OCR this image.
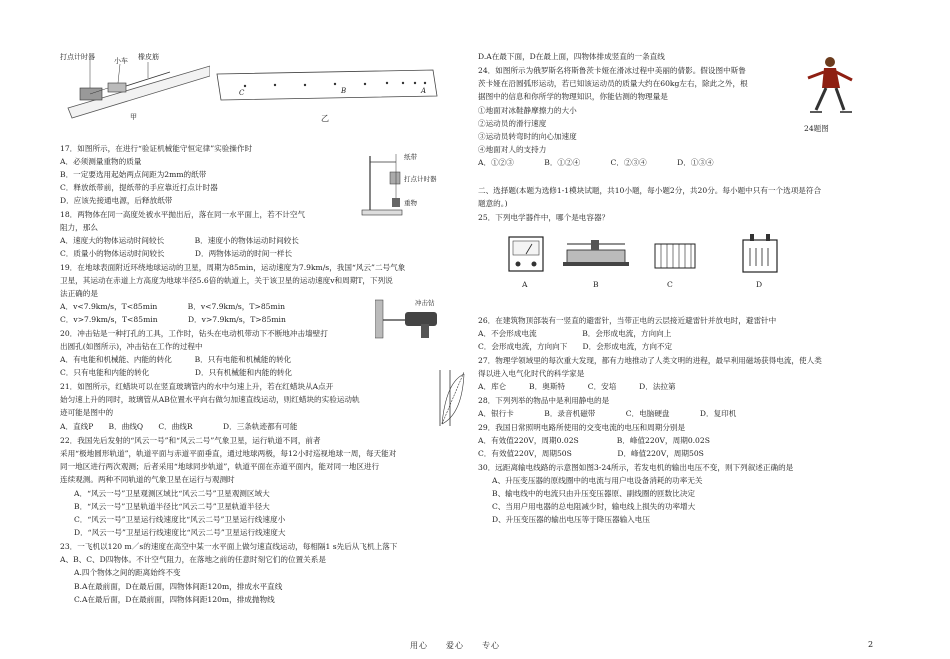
打点计时器	小车 橡皮筋
甲
C	B	A
乙
纸带
打点计时器
重物
冲击钻
17．如图所示，在进行“验证机械能守恒定律”实验操作时
A．必须测量重物的质量
B．一定要选用起始两点间距为2mm的纸带
C．释放纸带前，提纸带的手应靠近打点计时器
D．应该先接通电源，后释放纸带
18．两物体在同一高度处被水平抛出后，落在同一水平面上，若不计空气
阻力，那么
A．速度大的物体运动时间较长　　　　B．速度小的物体运动时间较长
C．质量小的物体运动时间较长　　　　D．两物体运动的时间一样长
19．在地球表面附近环绕地球运动的卫星，周期为85min，运动速度为7.9km/s，我国“风云”二号气象
卫星，其运动在赤道上方高度为地球半径5.6倍的轨道上，关于该卫星的运动速度v和周期T，下列说
法正确的是
A．v<7.9km/s，T<85min　　　　B．v<7.9km/s，T>85min
C．v>7.9km/s，T<85min　　　　D．v>7.9km/s，T>85min
20．冲击钻是一种打孔的工具，工作时，钻头在电动机带动下不断地冲击墙壁打
出圆孔(如图所示)，冲击钻在工作的过程中
A．有电能和机械能、内能的转化　　　B．只有电能和机械能的转化
C．只有电能和内能的转化　　　　　　D．只有机械能和内能的转化
21．如图所示，红蜡块可以在竖直玻璃管内的水中匀速上升，若在红蜡块从A点开
始匀速上升的同时，玻璃管从AB位置水平向右做匀加速直线运动，则红蜡块的实验运动轨
迹可能是图中的
A．直线P　　B．曲线Q　　C．曲线R　　　　D．三条轨迹都有可能
22．我国先后发射的“风云一号”和“风云二号”气象卫星，运行轨道不同，前者
采用“极地圆形轨道”，轨道平面与赤道平面垂直，通过地球两极，每12小时巡视地球一周，每天能对
同一地区进行两次观测；后者采用“地球同步轨道”，轨道平面在赤道平面内，能对同一地区进行
连续观测。两种不同轨道的气象卫星在运行与观测时
A．“风云一号”卫星观测区域比“风云二号”卫星观测区域大
B．“风云一号”卫星轨道半径比“风云二号”卫星轨道半径大
C．“风云一号”卫星运行线速度比“风云二号”卫星运行线速度小
D．“风云一号”卫星运行线速度比“风云二号”卫星运行线速度大
23．一飞机以120 m／s的速度在高空中某一水平面上做匀速直线运动，每相隔1 s先后从飞机上落下
A、B、C、D四物体。不计空气阻力，在落地之前的任意时刻它们的位置关系是
A.四个物体之间的距离始终不变
B.A在最前面，D在最后面，四物体间距120m，排成水平直线
C.A在最后面，D在最前面，四物体间距120m，排成抛物线
24题图
D.A在最下面，D在最上面，四物体排成竖直的一条直线
24．如图所示为俄罗斯名将斯鲁茨卡娅在滑冰过程中美丽的倩影。假设图中斯鲁
茨卡娅在沿圆弧形运动，若已知该运动员的质量大约在60kg左右，除此之外，根
据图中的信息和你所学的物理知识，你能估测的物理量是
①地面对冰鞋静摩擦力的大小
②运动员的滑行速度
③运动员转弯时的向心加速度
④地面对人的支持力
A．①②③　　　　B．①②④　　　　C．②③④　　　　D．①③④
二、选择题(本题为选修1-1模块试题，共10小题，每小题2分，共20分。每小题中只有一个选项是符合
题意的。)
25．下列电学器件中，哪个是电容器？
A	B	C	D
26．在建筑物顶部装有一竖直的避雷针，当带正电的云层接近避雷针并放电时，避雷针中
A．不会形成电流　　　　　　B．会形成电流，方向向上
C．会形成电流，方向向下　　D．会形成电流，方向不定
27．物理学领域里的每次重大发现，都有力地推动了人类文明的进程，最早利用磁场获得电流，使人类
得以进入电气化时代的科学家是
A．库仑　　　B．奥斯特　　　C．安培　　　D．法拉第
28．下列列举的物品中是利用静电的是
A．银行卡　　　　B．录音机磁带　　　　C．电脑硬盘　　　　D．复印机
29．我国日常照明电路所使用的交变电流的电压和周期分别是
A．有效值220V，周期0.02S　　　　　B．峰值220V，周期0.02S
C．有效值220V，周期50S　　　　　　D．峰值220V，周期50S
30．远距离输电线路的示意图如图3-24所示，若发电机的输出电压不变，则下列叙述正确的是
A、升压变压器的原线圈中的电流与用户电设备消耗的功率无关
B、输电线中的电流只由升压变压器原、副线圈的匝数比决定
C、当用户用电器的总电阻减少时，输电线上损失的功率增大
D、升压变压器的输出电压等于降压器输入电压
用心　　爱心　　专心	2
